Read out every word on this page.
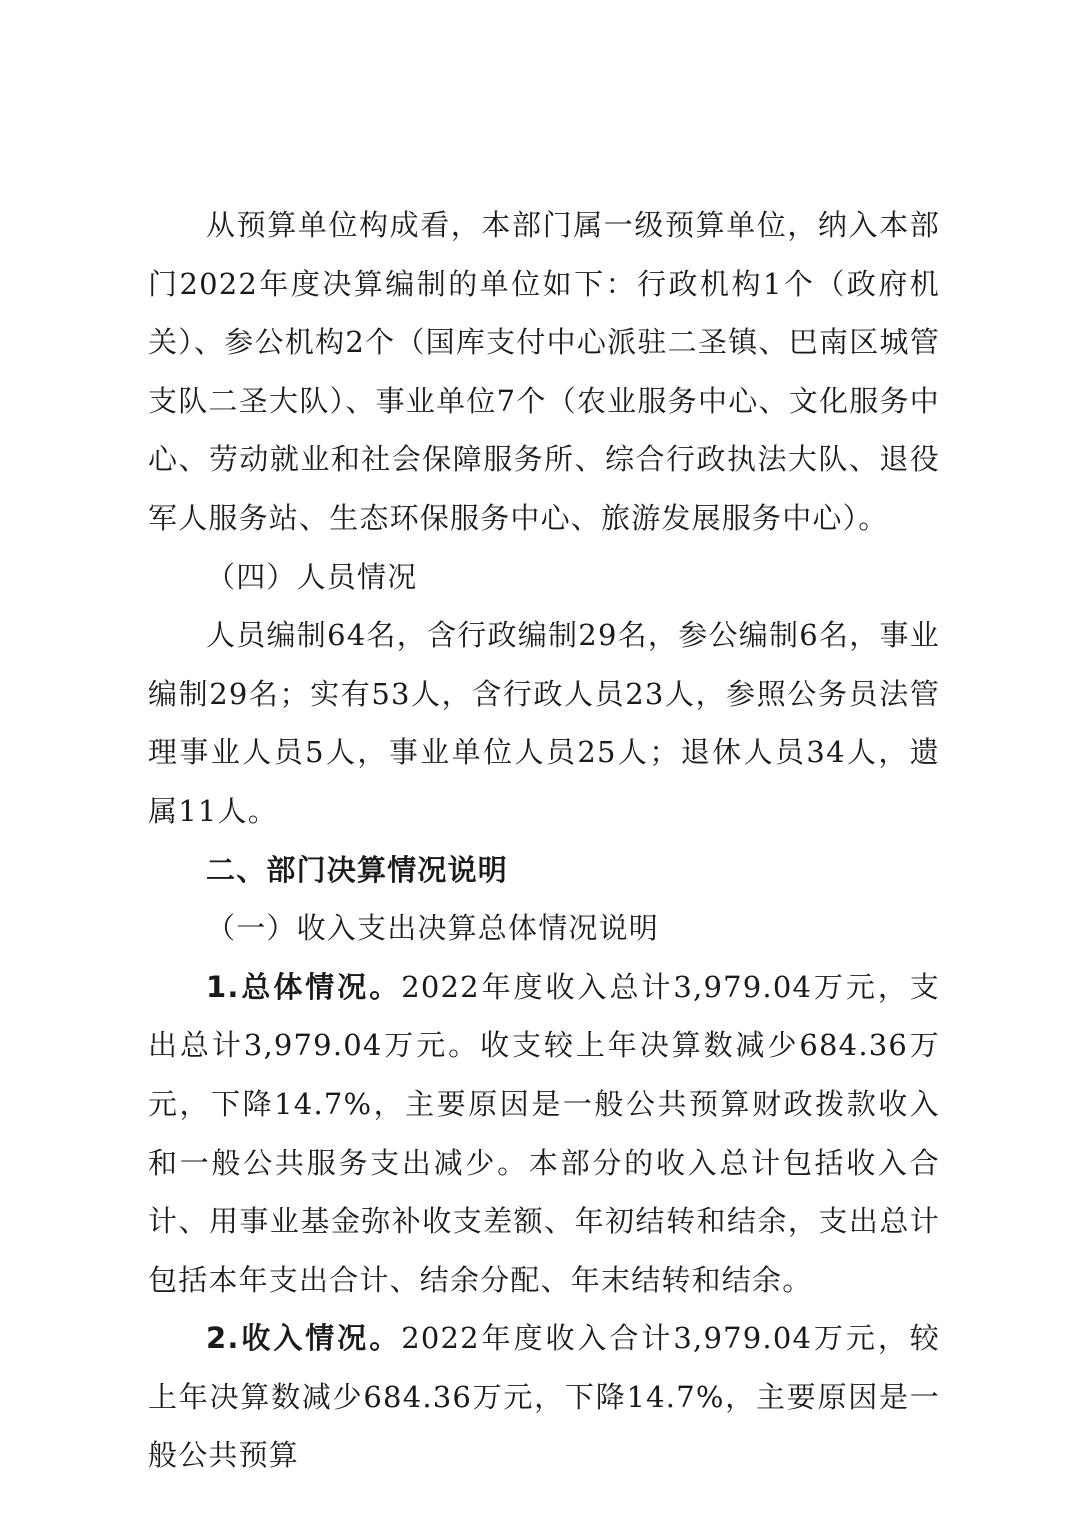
从预算单位构成看，本部门属一级预算单位，纳入本部门2022年度决算编制的单位如下：行政机构1个（政府机关）、参公机构2个（国库支付中心派驻二圣镇、巴南区城管支队二圣大队）、事业单位7个（农业服务中心、文化服务中心、劳动就业和社会保障服务所、综合行政执法大队、退役军人服务站、生态环保服务中心、旅游发展服务中心）。

（四）人员情况

人员编制64名，含行政编制29名，参公编制6名，事业编制29名；实有53人，含行政人员23人，参照公务员法管理事业人员5人，事业单位人员25人；退休人员34人，遗属11人。

二、部门决算情况说明

（一）收入支出决算总体情况说明

1.总体情况。2022年度收入总计3,979.04万元，支出总计3,979.04万元。收支较上年决算数减少684.36万元，下降14.7%，主要原因是一般公共预算财政拨款收入和一般公共服务支出减少。本部分的收入总计包括收入合计、用事业基金弥补收支差额、年初结转和结余，支出总计包括本年支出合计、结余分配、年末结转和结余。

2.收入情况。2022年度收入合计3,979.04万元，较上年决算数减少684.36万元，下降14.7%，主要原因是一般公共预算
